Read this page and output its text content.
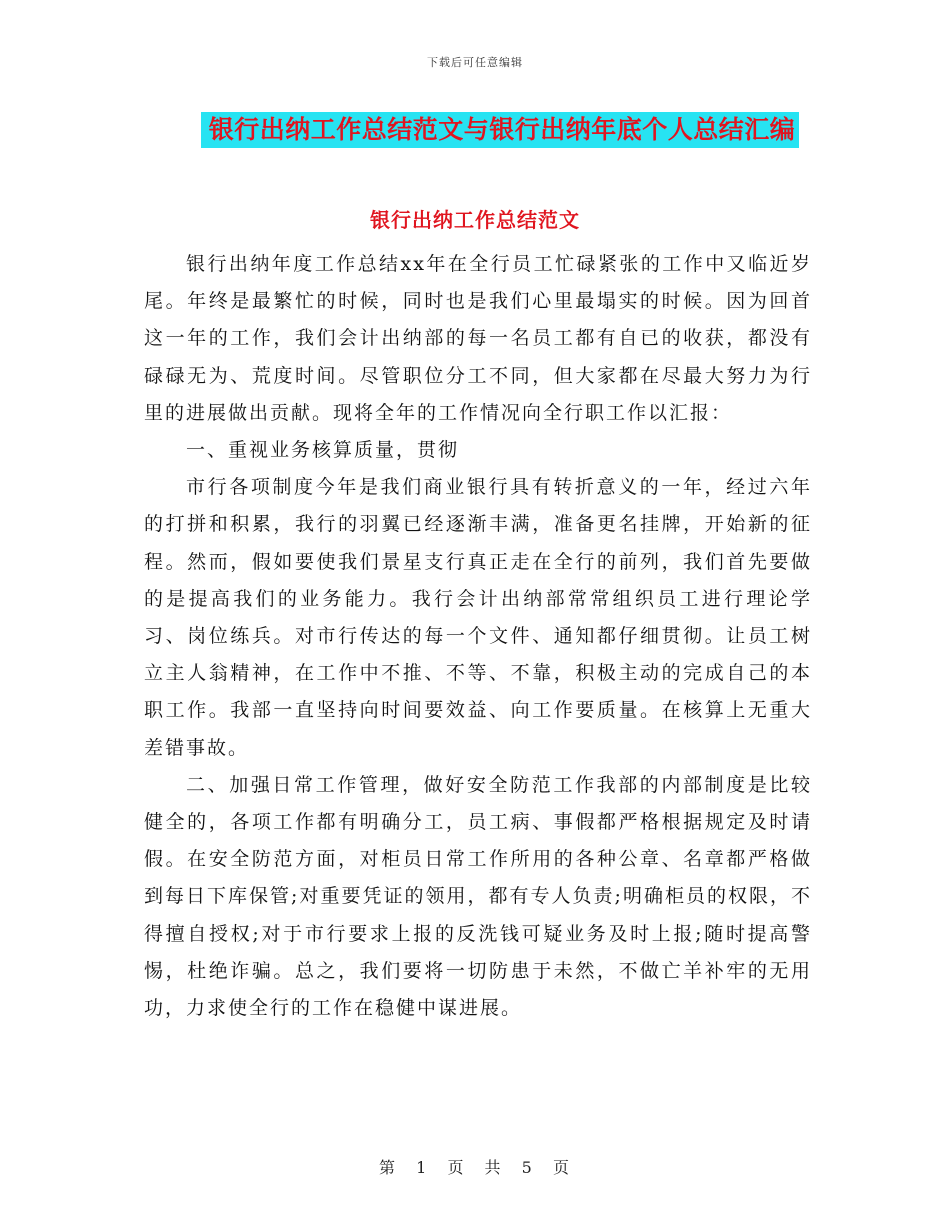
下载后可任意编辑
银行出纳工作总结范文与银行出纳年底个人总结汇编
银行出纳工作总结范文

银行出纳年度工作总结xx年在全行员工忙碌紧张的工作中又临近岁尾。年终是最繁忙的时候，同时也是我们心里最塌实的时候。因为回首这一年的工作，我们会计出纳部的每一名员工都有自已的收获，都没有碌碌无为、荒度时间。尽管职位分工不同，但大家都在尽最大努力为行里的进展做出贡献。现将全年的工作情况向全行职工作以汇报：

一、重视业务核算质量，贯彻

市行各项制度今年是我们商业银行具有转折意义的一年，经过六年的打拼和积累，我行的羽翼已经逐渐丰满，准备更名挂牌，开始新的征程。然而，假如要使我们景星支行真正走在全行的前列，我们首先要做的是提高我们的业务能力。我行会计出纳部常常组织员工进行理论学习、岗位练兵。对市行传达的每一个文件、通知都仔细贯彻。让员工树立主人翁精神，在工作中不推、不等、不靠，积极主动的完成自己的本职工作。我部一直坚持向时间要效益、向工作要质量。在核算上无重大差错事故。

二、加强日常工作管理，做好安全防范工作我部的内部制度是比较健全的，各项工作都有明确分工，员工病、事假都严格根据规定及时请假。在安全防范方面，对柜员日常工作所用的各种公章、名章都严格做到每日下库保管;对重要凭证的领用，都有专人负责;明确柜员的权限，不得擅自授权;对于市行要求上报的反洗钱可疑业务及时上报;随时提高警惕，杜绝诈骗。总之，我们要将一切防患于未然，不做亡羊补牢的无用功，力求使全行的工作在稳健中谋进展。

第 1 页 共 5 页
